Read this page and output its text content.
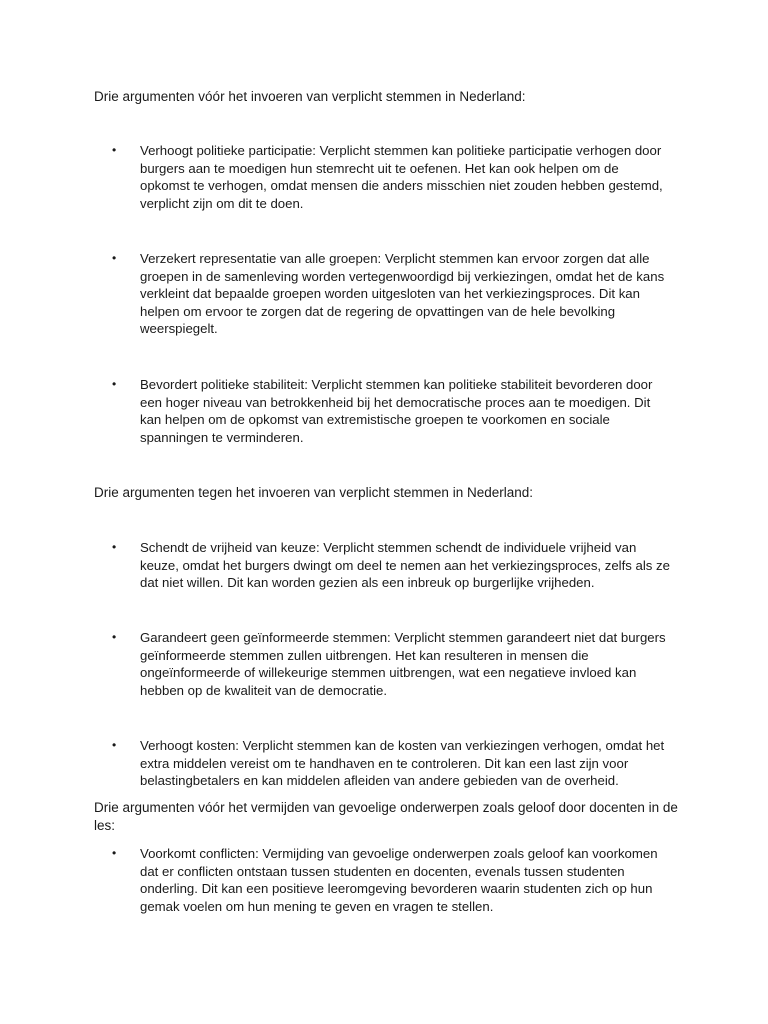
Drie argumenten vóór het invoeren van verplicht stemmen in Nederland:

•	Verhoogt politieke participatie: Verplicht stemmen kan politieke participatie verhogen door burgers aan te moedigen hun stemrecht uit te oefenen. Het kan ook helpen om de opkomst te verhogen, omdat mensen die anders misschien niet zouden hebben gestemd, verplicht zijn om dit te doen.

•	Verzekert representatie van alle groepen: Verplicht stemmen kan ervoor zorgen dat alle groepen in de samenleving worden vertegenwoordigd bij verkiezingen, omdat het de kans verkleint dat bepaalde groepen worden uitgesloten van het verkiezingsproces. Dit kan helpen om ervoor te zorgen dat de regering de opvattingen van de hele bevolking weerspiegelt.

•	Bevordert politieke stabiliteit: Verplicht stemmen kan politieke stabiliteit bevorderen door een hoger niveau van betrokkenheid bij het democratische proces aan te moedigen. Dit kan helpen om de opkomst van extremistische groepen te voorkomen en sociale spanningen te verminderen.

Drie argumenten tegen het invoeren van verplicht stemmen in Nederland:

•	Schendt de vrijheid van keuze: Verplicht stemmen schendt de individuele vrijheid van keuze, omdat het burgers dwingt om deel te nemen aan het verkiezingsproces, zelfs als ze dat niet willen. Dit kan worden gezien als een inbreuk op burgerlijke vrijheden.

•	Garandeert geen geïnformeerde stemmen: Verplicht stemmen garandeert niet dat burgers geïnformeerde stemmen zullen uitbrengen. Het kan resulteren in mensen die ongeïnformeerde of willekeurige stemmen uitbrengen, wat een negatieve invloed kan hebben op de kwaliteit van de democratie.

•	Verhoogt kosten: Verplicht stemmen kan de kosten van verkiezingen verhogen, omdat het extra middelen vereist om te handhaven en te controleren. Dit kan een last zijn voor belastingbetalers en kan middelen afleiden van andere gebieden van de overheid.

Drie argumenten vóór het vermijden van gevoelige onderwerpen zoals geloof door docenten in de les:

•	Voorkomt conflicten: Vermijding van gevoelige onderwerpen zoals geloof kan voorkomen dat er conflicten ontstaan tussen studenten en docenten, evenals tussen studenten onderling. Dit kan een positieve leeromgeving bevorderen waarin studenten zich op hun gemak voelen om hun mening te geven en vragen te stellen.
